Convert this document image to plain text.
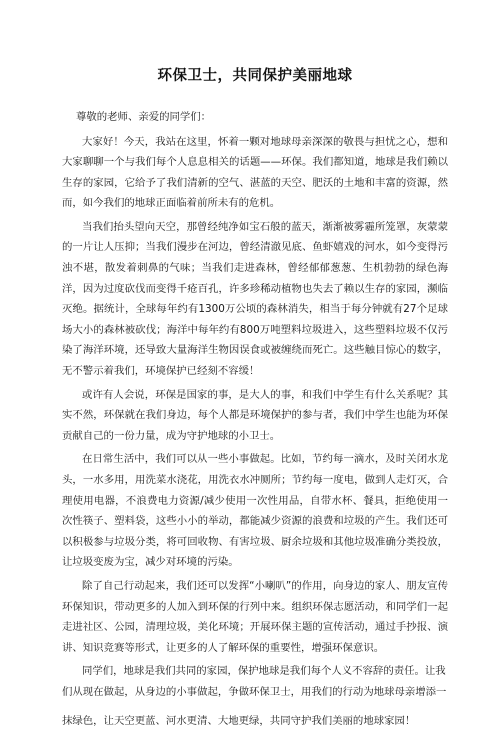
环保卫士，共同保护美丽地球

尊敬的老师、亲爱的同学们：

大家好！今天，我站在这里，怀着一颗对地球母亲深深的敬畏与担忧之心，想和大家聊聊一个与我们每个人息息相关的话题——环保。我们都知道，地球是我们赖以生存的家园，它给予了我们清新的空气、湛蓝的天空、肥沃的土地和丰富的资源，然而，如今我们的地球正面临着前所未有的危机。

当我们抬头望向天空，那曾经纯净如宝石般的蓝天，渐渐被雾霾所笼罩，灰蒙蒙的一片让人压抑；当我们漫步在河边，曾经清澈见底、鱼虾嬉戏的河水，如今变得污浊不堪，散发着刺鼻的气味；当我们走进森林，曾经郁郁葱葱、生机勃勃的绿色海洋，因为过度砍伐而变得千疮百孔，许多珍稀动植物也失去了赖以生存的家园，濒临灭绝。据统计，全球每年约有1300万公顷的森林消失，相当于每分钟就有27个足球场大小的森林被砍伐；海洋中每年约有800万吨塑料垃圾进入，这些塑料垃圾不仅污染了海洋环境，还导致大量海洋生物因误食或被缠绕而死亡。这些触目惊心的数字，无不警示着我们，环境保护已经刻不容缓！

或许有人会说，环保是国家的事，是大人的事，和我们中学生有什么关系呢？其实不然，环保就在我们身边，每个人都是环境保护的参与者，我们中学生也能为环保贡献自己的一份力量，成为守护地球的小卫士。

在日常生活中，我们可以从一些小事做起。比如，节约每一滴水，及时关闭水龙头，一水多用，用洗菜水浇花，用洗衣水冲厕所；节约每一度电，做到人走灯灭，合理使用电器，不浪费电力资源/减少使用一次性用品，自带水杯、餐具，拒绝使用一次性筷子、塑料袋，这些小小的举动，都能减少资源的浪费和垃圾的产生。我们还可以积极参与垃圾分类，将可回收物、有害垃圾、厨余垃圾和其他垃圾准确分类投放，让垃圾变废为宝，减少对环境的污染。

除了自己行动起来，我们还可以发挥“小喇叭”的作用，向身边的家人、朋友宣传环保知识，带动更多的人加入到环保的行列中来。组织环保志愿活动，和同学们一起走进社区、公园，清理垃圾，美化环境；开展环保主题的宣传活动，通过手抄报、演讲、知识竞赛等形式，让更多的人了解环保的重要性，增强环保意识。

同学们，地球是我们共同的家园，保护地球是我们每个人义不容辞的责任。让我
们从现在做起，从身边的小事做起，争做环保卫士，用我们的行动为地球母亲增添一
抹绿色，让天空更蓝、河水更清、大地更绿，共同守护我们美丽的地球家园！
